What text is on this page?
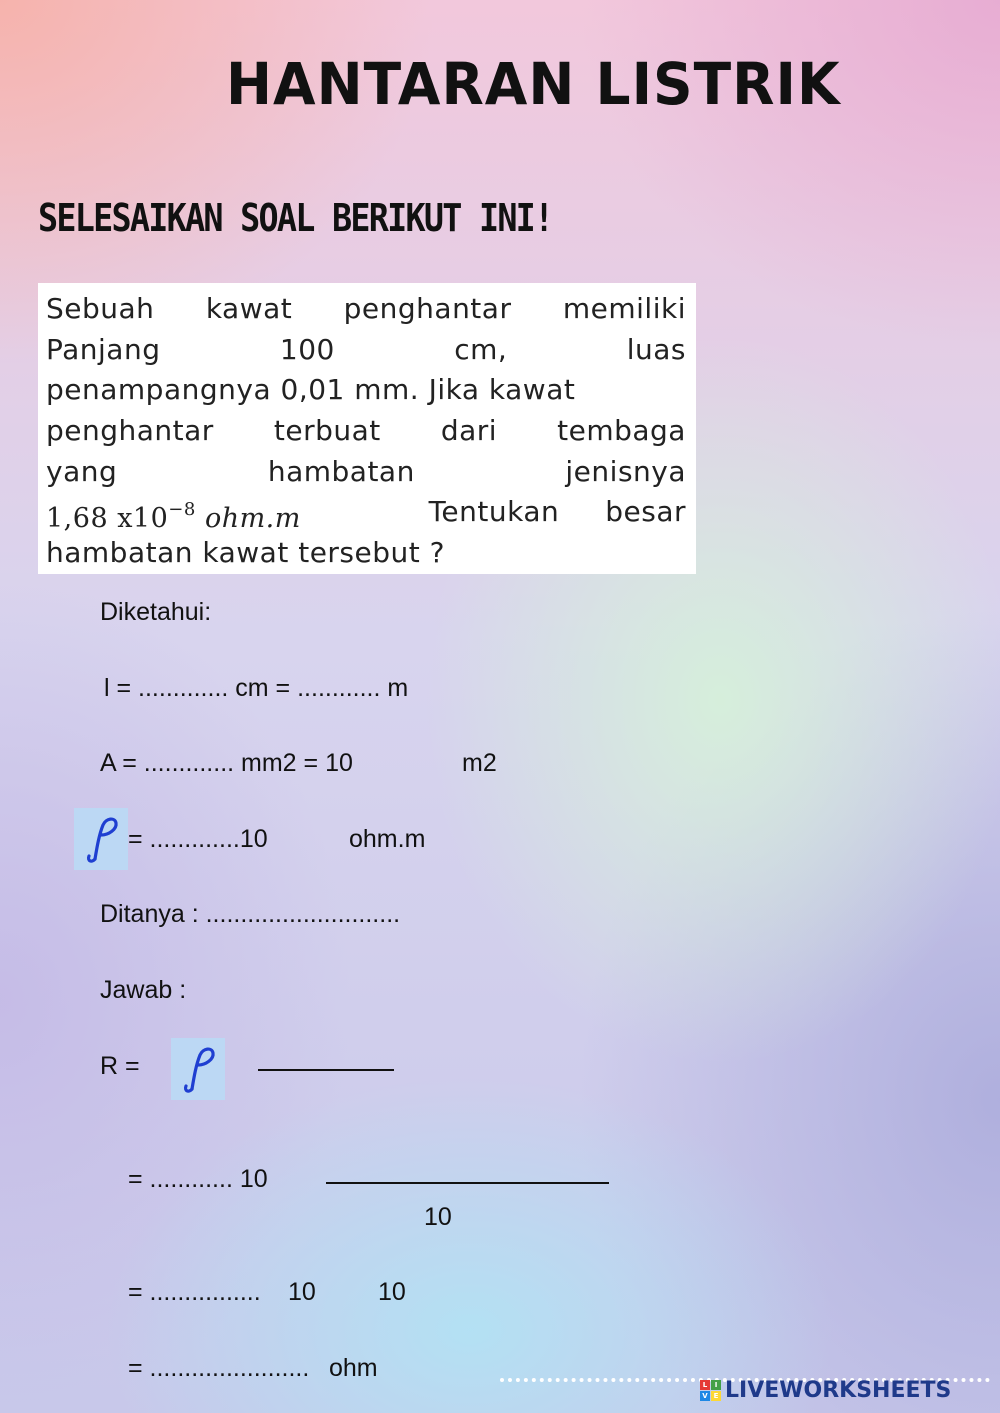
HANTARAN LISTRIK
SELESAIKAN SOAL BERIKUT INI!
Sebuah kawat penghantar memiliki
Panjang	100	cm,	luas
penampangnya 0,01 mm. Jika kawat
penghantar terbuat dari tembaga
yang	hambatan	jenisnya
1,68 $x10^{-8}$ ohm.m	Tentukan besar
hambatan kawat tersebut ?
Diketahui:
l = ............. cm = ............ m
A = ............. mm2 = 10	m2
= .............10	ohm.m
Ditanya : ............................
Jawab :
R =
= ............ 10
10
= ................ 10 10
= ....................... ohm
L	I
V E LIVEWORKSHEETS
